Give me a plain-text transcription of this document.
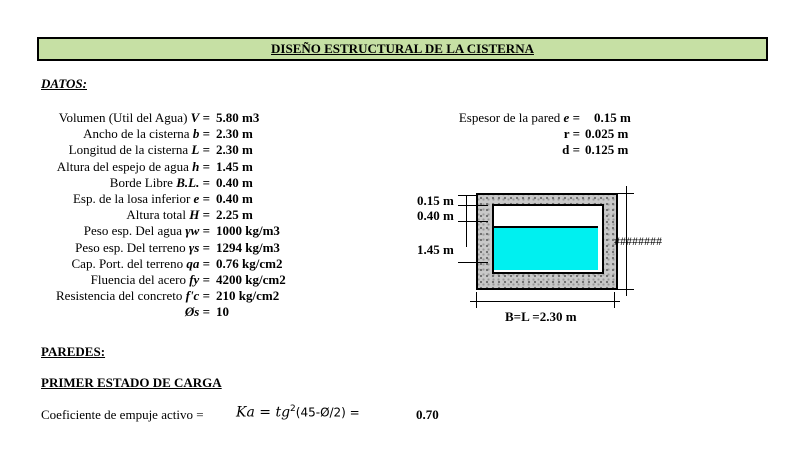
DISEÑO ESTRUCTURAL DE LA CISTERNA
DATOS:
Volumen (Util del Agua) V = 5.80 m3
Ancho de la cisterna b = 2.30 m
Longitud de la cisterna L = 2.30 m
Altura del espejo de agua h = 1.45 m
Borde Libre B.L. = 0.40 m
Esp. de la losa inferior e = 0.40 m
Altura total H = 2.25 m
Peso esp. Del agua γw = 1000 kg/m3
Peso esp. Del terreno γs = 1294 kg/m3
Cap. Port. del terreno qa = 0.76 kg/cm2
Fluencia del acero fy = 4200 kg/cm2
Resistencia del concreto f'c = 210 kg/cm2
Øs = 10
Espesor de la pared e = 0.15 m
r = 0.025 m
d = 0.125 m
0.15 m
0.40 m
1.45 m
########
B=L =2.30 m
PAREDES:
PRIMER ESTADO DE CARGA
Coeficiente de empuje activo = $Ka = tg^2(45-Ø/2)$ =	0.70
